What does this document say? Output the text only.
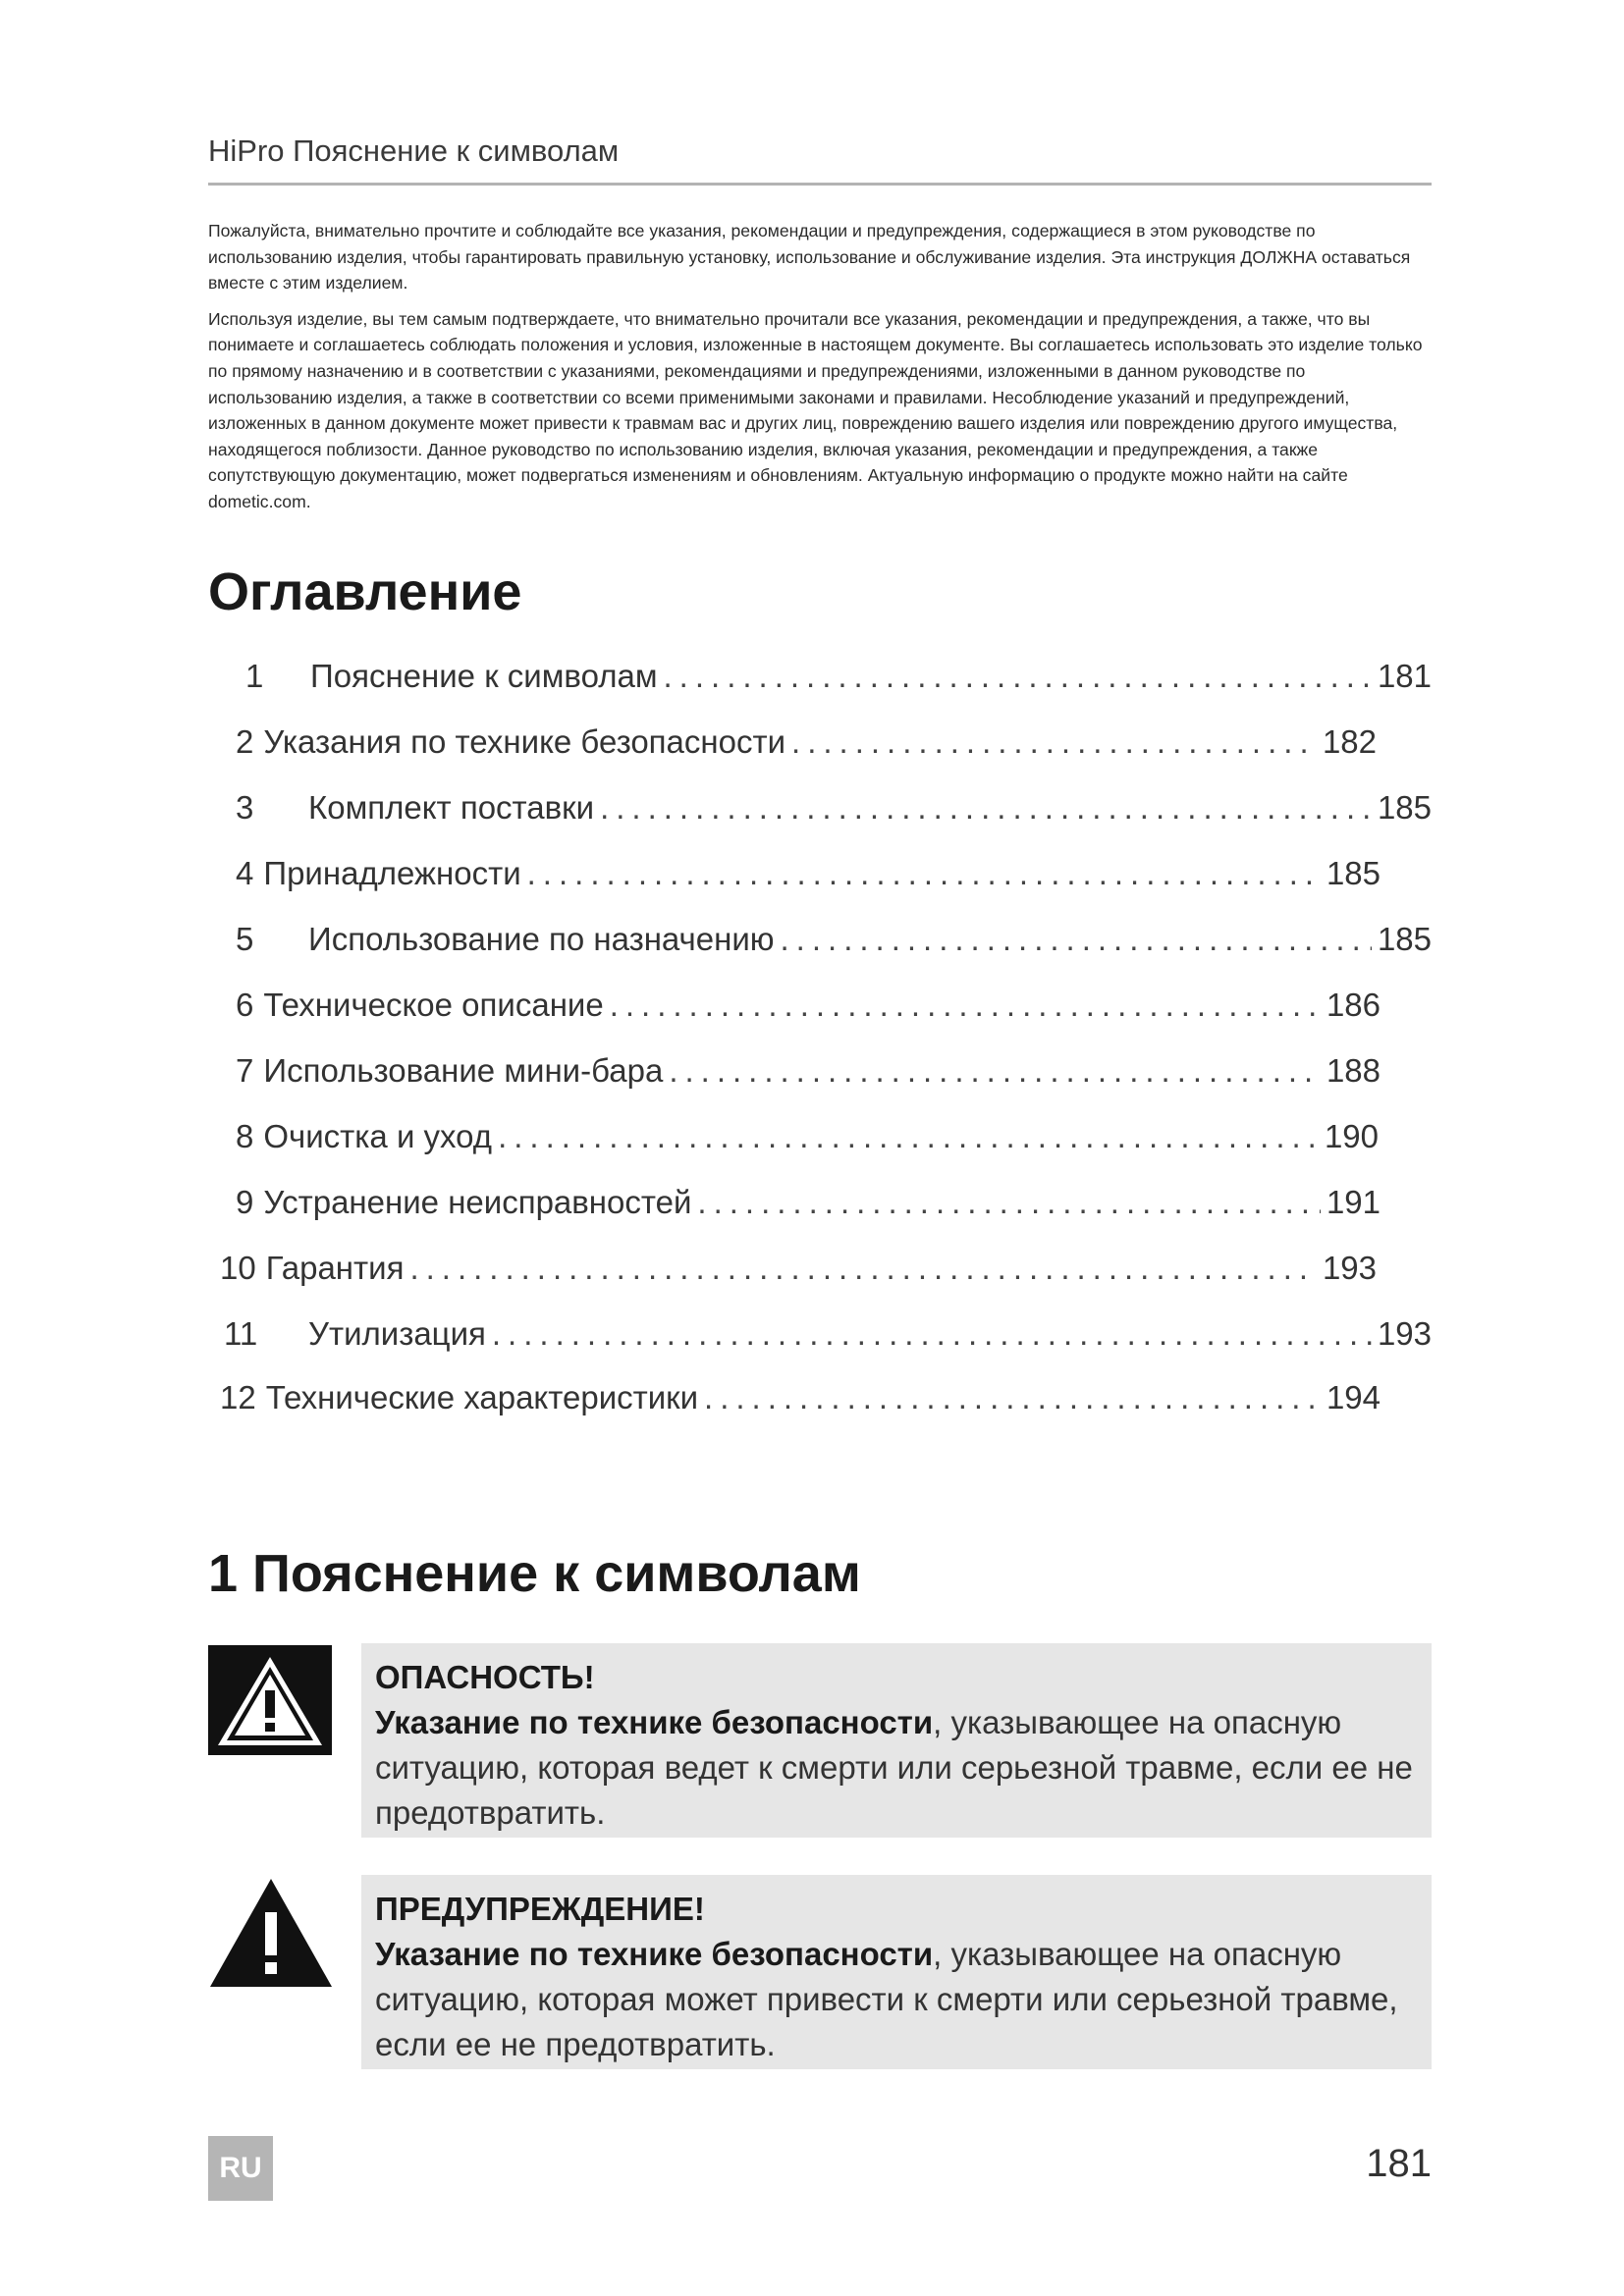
HiPro Пояснение к символам

Пожалуйста, внимательно прочтите и соблюдайте все указания, рекомендации и предупреждения, содержащиеся в этом руководстве по использованию изделия, чтобы гарантировать правильную установку, использование и обслуживание изделия. Эта инструкция ДОЛЖНА оставаться вместе с этим изделием.

Используя изделие, вы тем самым подтверждаете, что внимательно прочитали все указания, рекомендации и предупреждения, а также, что вы понимаете и соглашаетесь соблюдать положения и условия, изложенные в настоящем документе. Вы соглашаетесь использовать это изделие только по прямому назначению и в соответствии с указаниями, рекомендациями и предупреждениями, изложенными в данном руководстве по использованию изделия, а также в соответствии со всеми применимыми законами и правилами. Несоблюдение указаний и предупреждений, изложенных в данном документе может привести к травмам вас и других лиц, повреждению вашего изделия или повреждению другого имущества, находящегося поблизости. Данное руководство по использованию изделия, включая указания, рекомендации и предупреждения, а также сопутствующую документацию, может подвергаться изменениям и обновлениям. Актуальную информацию о продукте можно найти на сайте dometic.com.

Оглавление
1	Пояснение к символам .....	181
2 Указания по технике безопасности .....	182
3	Комплект поставки .....	185
4 Принадлежности .....	185
5	Использование по назначению .....	185
6 Техническое описание .....	186
7 Использование мини-бара .....	188
8 Очистка и уход .....	190
9 Устранение неисправностей .....	191
10 Гарантия .....	193
11	Утилизация .....	193
12 Технические характеристики .....	194
1 Пояснение к символам
ОПАСНОСТЬ!
Указание по технике безопасности, указывающее на опасную ситуацию, которая ведет к смерти или серьезной травме, если ее не предотвратить.
ПРЕДУПРЕЖДЕНИЕ!
Указание по технике безопасности, указывающее на опасную ситуацию, которая может привести к смерти или серьезной травме, если ее не предотвратить.
RU	181
